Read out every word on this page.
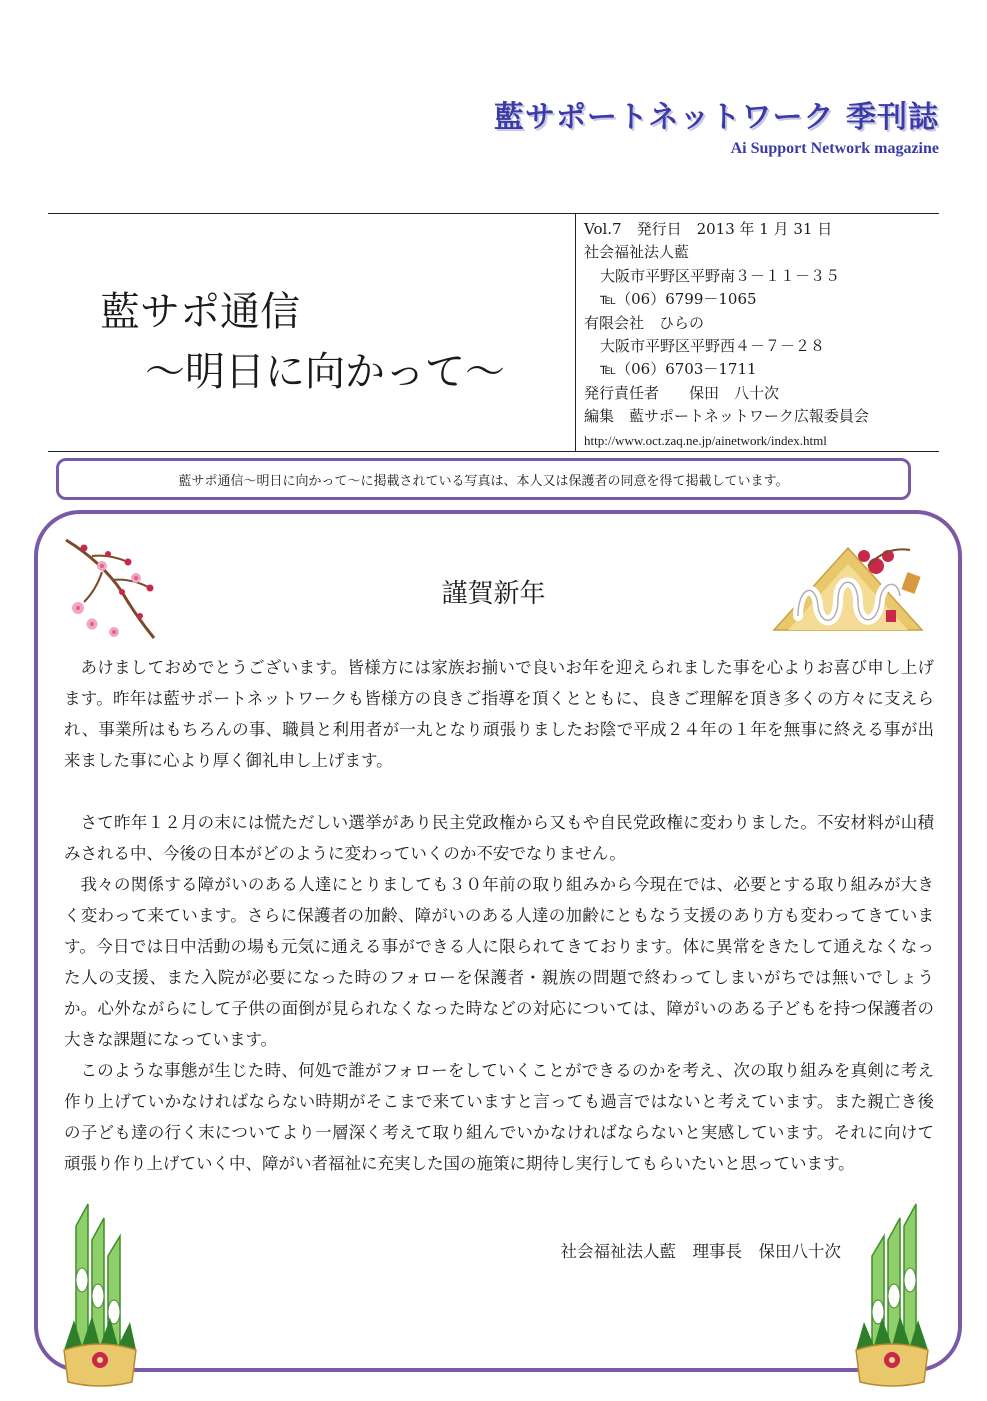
藍サポートネットワーク 季刊誌
Ai Support Network magazine
藍サポ通信
～明日に向かって～
Vol.7　発行日　2013 年 1 月 31 日
社会福祉法人藍
大阪市平野区平野南３－１１－３５
℡（06）6799－1065
有限会社　ひらの
大阪市平野区平野西４－７－２８
℡（06）6703－1711
発行責任者　　保田　八十次
編集　藍サポートネットワーク広報委員会
http://www.oct.zaq.ne.jp/ainetwork/index.html
藍サポ通信～明日に向かって～に掲載されている写真は、本人又は保護者の同意を得て掲載しています。
謹賀新年

あけましておめでとうございます。皆様方には家族お揃いで良いお年を迎えられました事を心よりお喜び申し上げます。昨年は藍サポートネットワークも皆様方の良きご指導を頂くとともに、良きご理解を頂き多くの方々に支えられ、事業所はもちろんの事、職員と利用者が一丸となり頑張りましたお陰で平成２４年の１年を無事に終える事が出来ました事に心より厚く御礼申し上げます。

さて昨年１２月の末には慌ただしい選挙があり民主党政権から又もや自民党政権に変わりました。不安材料が山積みされる中、今後の日本がどのように変わっていくのか不安でなりません。

我々の関係する障がいのある人達にとりましても３０年前の取り組みから今現在では、必要とする取り組みが大きく変わって来ています。さらに保護者の加齢、障がいのある人達の加齢にともなう支援のあり方も変わってきています。今日では日中活動の場も元気に通える事ができる人に限られてきております。体に異常をきたして通えなくなった人の支援、また入院が必要になった時のフォローを保護者・親族の問題で終わってしまいがちでは無いでしょうか。心外ながらにして子供の面倒が見られなくなった時などの対応については、障がいのある子どもを持つ保護者の大きな課題になっています。

このような事態が生じた時、何処で誰がフォローをしていくことができるのかを考え、次の取り組みを真剣に考え作り上げていかなければならない時期がそこまで来ていますと言っても過言ではないと考えています。また親亡き後の子ども達の行く末についてより一層深く考えて取り組んでいかなければならないと実感しています。それに向けて頑張り作り上げていく中、障がい者福祉に充実した国の施策に期待し実行してもらいたいと思っています。

社会福祉法人藍　理事長　保田八十次
